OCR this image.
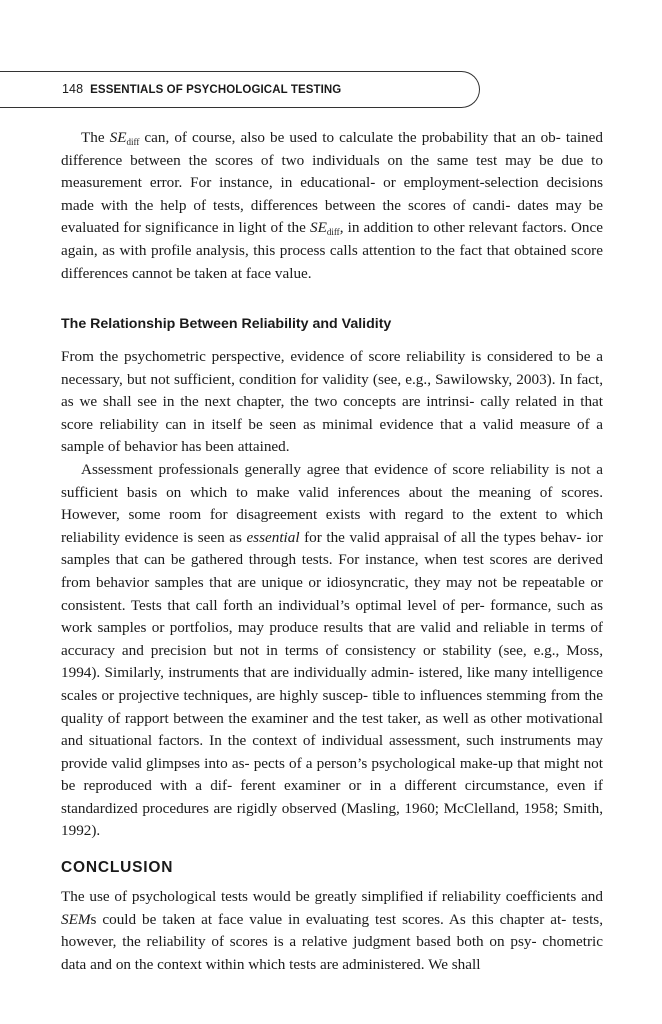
148 ESSENTIALS OF PSYCHOLOGICAL TESTING

The $SE_{diff}$ can, of course, also be used to calculate the probability that an ob- tained difference between the scores of two individuals on the same test may be due to measurement error. For instance, in educational- or employment-selection decisions made with the help of tests, differences between the scores of candi- dates may be evaluated for significance in light of the $SE_{diff}$, in addition to other relevant factors. Once again, as with profile analysis, this process calls attention to the fact that obtained score differences cannot be taken at face value.

The Relationship Between Reliability and Validity

From the psychometric perspective, evidence of score reliability is considered to be a necessary, but not sufficient, condition for validity (see, e.g., Sawilowsky, 2003). In fact, as we shall see in the next chapter, the two concepts are intrinsi- cally related in that score reliability can in itself be seen as minimal evidence that a valid measure of a sample of behavior has been attained.

Assessment professionals generally agree that evidence of score reliability is not a sufficient basis on which to make valid inferences about the meaning of scores. However, some room for disagreement exists with regard to the extent to which reliability evidence is seen as essential for the valid appraisal of all the types behav- ior samples that can be gathered through tests. For instance, when test scores are derived from behavior samples that are unique or idiosyncratic, they may not be repeatable or consistent. Tests that call forth an individual’s optimal level of per- formance, such as work samples or portfolios, may produce results that are valid and reliable in terms of accuracy and precision but not in terms of consistency or stability (see, e.g., Moss, 1994). Similarly, instruments that are individually admin- istered, like many intelligence scales or projective techniques, are highly suscep- tible to influences stemming from the quality of rapport between the examiner and the test taker, as well as other motivational and situational factors. In the context of individual assessment, such instruments may provide valid glimpses into as- pects of a person’s psychological make-up that might not be reproduced with a dif- ferent examiner or in a different circumstance, even if standardized procedures are rigidly observed (Masling, 1960; McClelland, 1958; Smith, 1992).

CONCLUSION

The use of psychological tests would be greatly simplified if reliability coefficients and SEMs could be taken at face value in evaluating test scores. As this chapter at- tests, however, the reliability of scores is a relative judgment based both on psy- chometric data and on the context within which tests are administered. We shall
